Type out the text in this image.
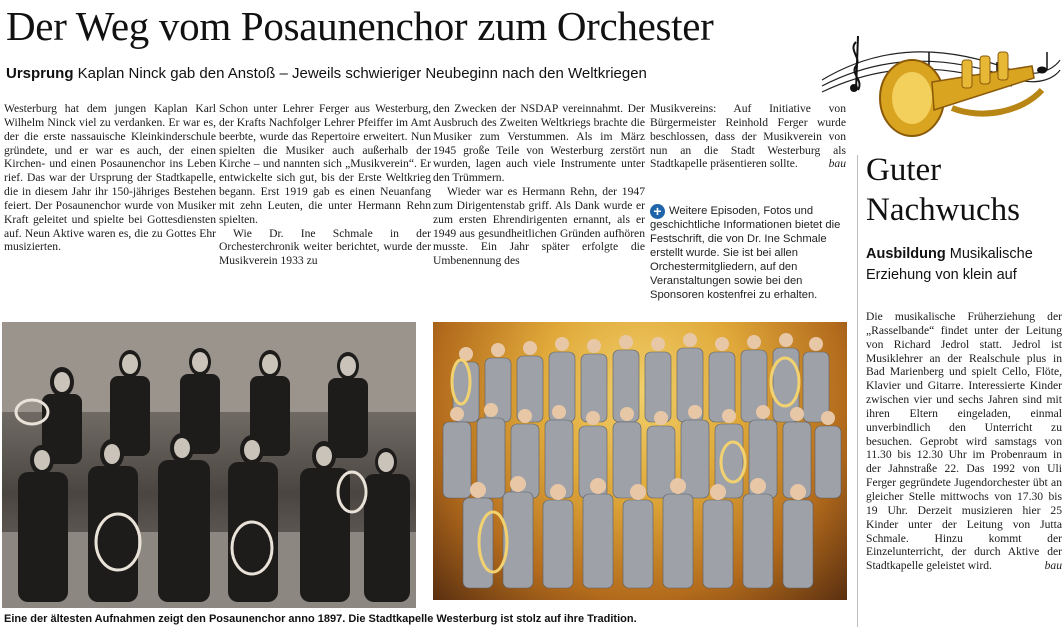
Der Weg vom Posaunenchor zum Orchester
Ursprung Kaplan Ninck gab den Anstoß – Jeweils schwieriger Neubeginn nach den Weltkriegen

Westerburg hat dem jungen Kaplan Karl Wilhelm Ninck viel zu verdanken. Er war es, der die erste nassauische Kleinkinderschule gründete, und er war es auch, der einen Kirchen- und einen Posaunenchor ins Leben rief. Das war der Ursprung der Stadtkapelle, die in diesem Jahr ihr 150-jähriges Bestehen feiert. Der Posaunenchor wurde von Musiker Kraft geleitet und spielte bei Gottesdiensten auf. Neun Aktive waren es, die zu Gottes Ehr musizierten.

Schon unter Lehrer Ferger aus Westerburg, der Krafts Nachfolger Lehrer Pfeiffer im Amt beerbte, wurde das Repertoire erweitert. Nun spielten die Musiker auch außerhalb der Kirche – und nannten sich „Musikverein“. Er entwickelte sich gut, bis der Erste Weltkrieg begann. Erst 1919 gab es einen Neuanfang mit zehn Leuten, die unter Hermann Rehn spielten.

Wie Dr. Ine Schmale in der Orchesterchronik weiter berichtet, wurde der Musikverein 1933 zu

den Zwecken der NSDAP vereinnahmt. Der Ausbruch des Zweiten Weltkriegs brachte die Musiker zum Verstummen. Als im März 1945 große Teile von Westerburg zerstört wurden, lagen auch viele Instrumente unter den Trümmern.

Wieder war es Hermann Rehn, der 1947 zum Dirigentenstab griff. Als Dank wurde er zum ersten Ehrendirigenten ernannt, als er 1949 aus gesundheitlichen Gründen aufhören musste. Ein Jahr später erfolgte die Umbenennung des

Musikvereins: Auf Initiative von Bürgermeister Reinhold Ferger wurde beschlossen, dass der Musikverein von nun an die Stadt Westerburg als Stadtkapelle präsentieren sollte.	bau

+ Weitere Episoden, Fotos und geschichtliche Informationen bietet die Festschrift, die von Dr. Ine Schmale erstellt wurde. Sie ist bei allen Orchestermitgliedern, auf den Veranstaltungen sowie bei den Sponsoren kostenfrei zu erhalten.
Eine der ältesten Aufnahmen zeigt den Posaunenchor anno 1897. Die Stadtkapelle Westerburg ist stolz auf ihre Tradition.
Guter
Nachwuchs
Ausbildung Musikalische Erziehung von klein auf

Die musikalische Früherziehung der „Rasselbande“ findet unter der Leitung von Richard Jedrol statt. Jedrol ist Musiklehrer an der Realschule plus in Bad Marienberg und spielt Cello, Flöte, Klavier und Gitarre. Interessierte Kinder zwischen vier und sechs Jahren sind mit ihren Eltern eingeladen, einmal unverbindlich den Unterricht zu besuchen. Geprobt wird samstags von 11.30 bis 12.30 Uhr im Probenraum in der Jahnstraße 22. Das 1992 von Uli Ferger gegründete Jugendorchester übt an gleicher Stelle mittwochs von 17.30 bis 19 Uhr. Derzeit musizieren hier 25 Kinder unter der Leitung von Jutta Schmale. Hinzu kommt der Einzelunterricht, der durch Aktive der Stadtkapelle geleistet wird.	bau
